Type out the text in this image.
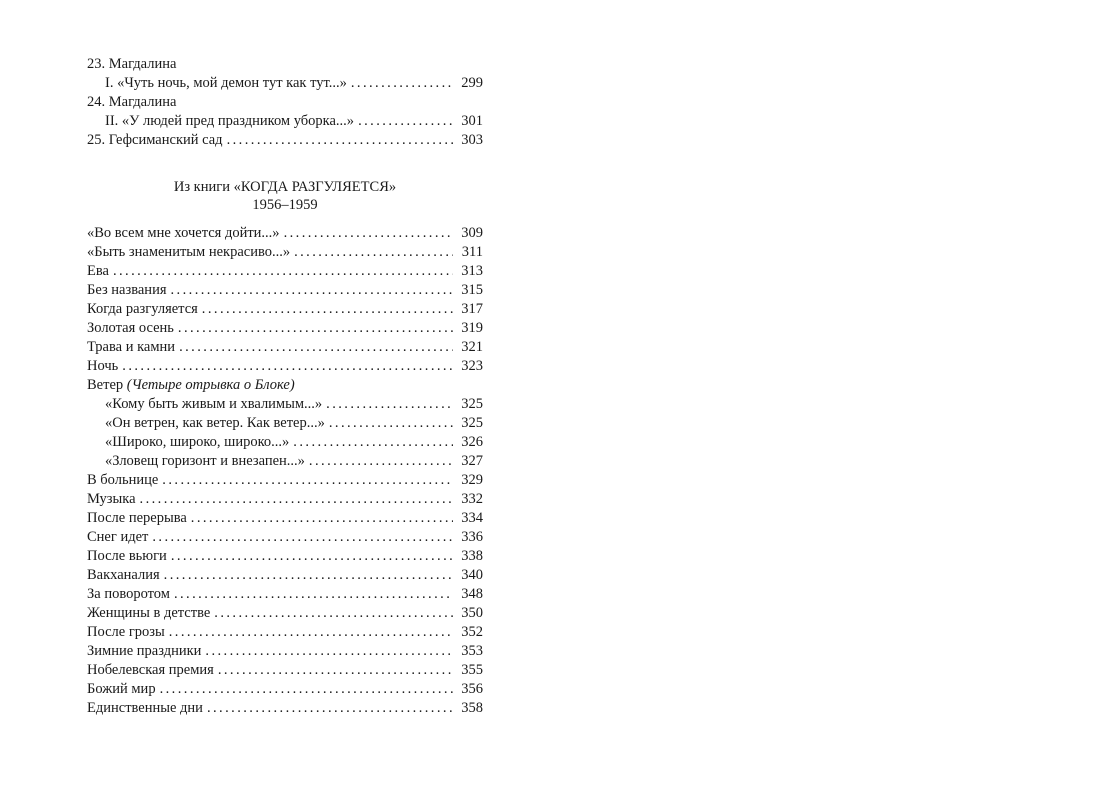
23. Магдалина
I. «Чуть ночь, мой демон тут как тут...» . . .	299
24. Магдалина
II. «У людей пред праздником уборка...» . . .	301
25. Гефсиманский сад . . .	303
Из книги «КОГДА РАЗГУЛЯЕТСЯ»
1956–1959
«Во всем мне хочется дойти...» . . .	309
«Быть знаменитым некрасиво...» . . .	311
Ева . . .	313
Без названия . . .	315
Когда разгуляется . . .	317
Золотая осень . . .	319
Трава и камни . . .	321
Ночь . . .	323
Ветер (Четыре отрывка о Блоке)
«Кому быть живым и хвалимым...» . . .	325
«Он ветрен, как ветер. Как ветер...» . . .	325
«Широко, широко, широко...» . . .	326
«Зловещ горизонт и внезапен...» . . .	327
В больнице . . .	329
Музыка . . .	332
После перерыва . . .	334
Снег идет . . .	336
После вьюги . . .	338
Вакханалия . . .	340
За поворотом . . .	348
Женщины в детстве . . .	350
После грозы . . .	352
Зимние праздники . . .	353
Нобелевская премия . . .	355
Божий мир . . .	356
Единственные дни . . .	358
